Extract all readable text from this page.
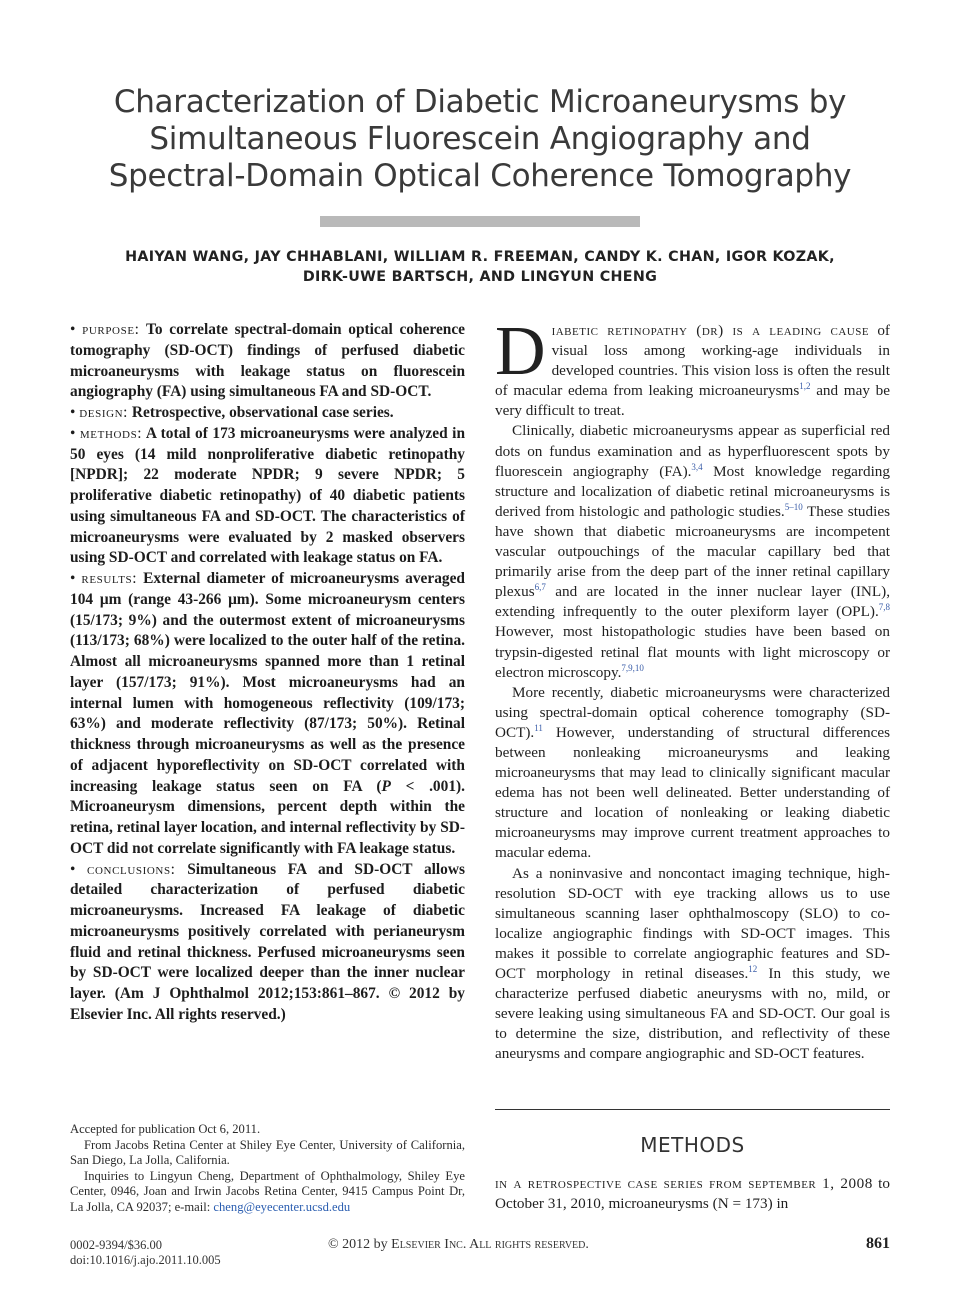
Characterization of Diabetic Microaneurysms by
Simultaneous Fluorescein Angiography and
Spectral-Domain Optical Coherence Tomography
HAIYAN WANG, JAY CHHABLANI, WILLIAM R. FREEMAN, CANDY K. CHAN, IGOR KOZAK,
DIRK-UWE BARTSCH, AND LINGYUN CHENG

• purpose: To correlate spectral-domain optical coherence tomography (SD-OCT) findings of perfused diabetic microaneurysms with leakage status on fluorescein angiography (FA) using simultaneous FA and SD-OCT.

• design: Retrospective, observational case series.

• methods: A total of 173 microaneurysms were analyzed in 50 eyes (14 mild nonproliferative diabetic retinopathy [NPDR]; 22 moderate NPDR; 9 severe NPDR; 5 proliferative diabetic retinopathy) of 40 diabetic patients using simultaneous FA and SD-OCT. The characteristics of microaneurysms were evaluated by 2 masked observers using SD-OCT and correlated with leakage status on FA.

• results: External diameter of microaneurysms averaged 104 μm (range 43-266 μm). Some microaneurysm centers (15/173; 9%) and the outermost extent of microaneurysms (113/173; 68%) were localized to the outer half of the retina. Almost all microaneurysms spanned more than 1 retinal layer (157/173; 91%). Most microaneurysms had an internal lumen with homogeneous reflectivity (109/173; 63%) and moderate reflectivity (87/173; 50%). Retinal thickness through microaneurysms as well as the presence of adjacent hyporeflectivity on SD-OCT correlated with increasing leakage status seen on FA (P < .001). Microaneurysm dimensions, percent depth within the retina, retinal layer location, and internal reflectivity by SD-OCT did not correlate significantly with FA leakage status.

• conclusions: Simultaneous FA and SD-OCT allows detailed characterization of perfused diabetic microaneurysms. Increased FA leakage of diabetic microaneurysms positively correlated with perianeurysm fluid and retinal thickness. Perfused microaneurysms seen by SD-OCT were localized deeper than the inner nuclear layer. (Am J Ophthalmol 2012;153:861–867. © 2012 by Elsevier Inc. All rights reserved.)

Accepted for publication Oct 6, 2011.

From Jacobs Retina Center at Shiley Eye Center, University of California, San Diego, La Jolla, California.

Inquiries to Lingyun Cheng, Department of Ophthalmology, Shiley Eye Center, 0946, Joan and Irwin Jacobs Retina Center, 9415 Campus Point Dr, La Jolla, CA 92037; e-mail: cheng@eyecenter.ucsd.edu

Diabetic retinopathy (dr) is a leading cause of visual loss among working-age individuals in developed countries. This vision loss is often the result of macular edema from leaking microaneurysms$^{1,2}$ and may be very difficult to treat.

Clinically, diabetic microaneurysms appear as superficial red dots on fundus examination and as hyperfluorescent spots by fluorescein angiography (FA).$^{3,4}$ Most knowledge regarding structure and localization of diabetic retinal microaneurysms is derived from histologic and pathologic studies.$^{5-10}$ These studies have shown that diabetic microaneurysms are incompetent vascular outpouchings of the macular capillary bed that primarily arise from the deep part of the inner retinal capillary plexus$^{6,7}$ and are located in the inner nuclear layer (INL), extending infrequently to the outer plexiform layer (OPL).$^{7,8}$ However, most histopathologic studies have been based on trypsin-digested retinal flat mounts with light microscopy or electron microscopy.$^{7,9,10}$

More recently, diabetic microaneurysms were characterized using spectral-domain optical coherence tomography (SD-OCT).$^{11}$ However, understanding of structural differences between nonleaking microaneurysms and leaking microaneurysms that may lead to clinically significant macular edema has not been well delineated. Better understanding of structure and location of nonleaking or leaking diabetic microaneurysms may improve current treatment approaches to macular edema.

As a noninvasive and noncontact imaging technique, high-resolution SD-OCT with eye tracking allows us to use simultaneous scanning laser ophthalmoscopy (SLO) to co-localize angiographic findings with SD-OCT images. This makes it possible to correlate angiographic features and SD-OCT morphology in retinal diseases.$^{12}$ In this study, we characterize perfused diabetic aneurysms with no, mild, or severe leaking using simultaneous FA and SD-OCT. Our goal is to determine the size, distribution, and reflectivity of these aneurysms and compare angiographic and SD-OCT features.

METHODS

in a retrospective case series from september 1, 2008 to October 31, 2010, microaneurysms (N = 173) in

0002-9394/$36.00
doi:10.1016/j.ajo.2011.10.005
© 2012 by Elsevier Inc. All rights reserved.	861
